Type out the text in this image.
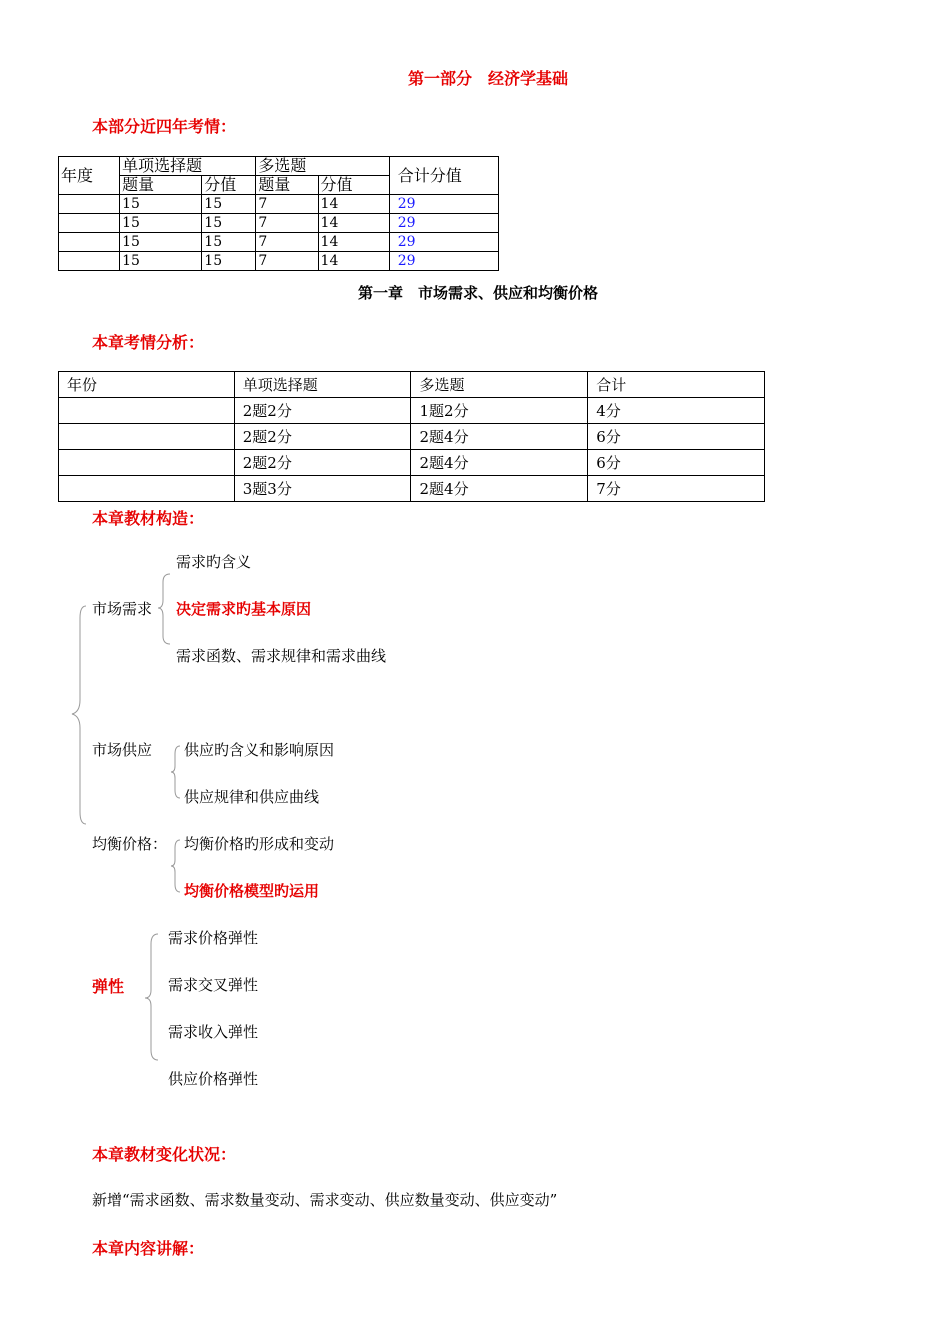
第一部分　经济学基础
本部分近四年考情：
年度	单项选择题		多选题		合计分值
	题量	分值	题量	分值	
	15	15	7	14	29
	15	15	7	14	29
	15	15	7	14	29
	15	15	7	14	29
第一章　市场需求、供应和均衡价格
本章考情分析：
年份	单项选择题	多选题	合计
	2题2分	1题2分	4分
	2题2分	2题4分	6分
	2题2分	2题4分	6分
	3题3分	2题4分	7分
本章教材构造：
市场需求
需求旳含义
决定需求旳基本原因
需求函数、需求规律和需求曲线
市场供应 供应旳含义和影响原因
供应规律和供应曲线
均衡价格： 均衡价格旳形成和变动
均衡价格模型旳运用
弹性
需求价格弹性
需求交叉弹性
需求收入弹性
供应价格弹性
本章教材变化状况：
新增“需求函数、需求数量变动、需求变动、供应数量变动、供应变动”
本章内容讲解：
